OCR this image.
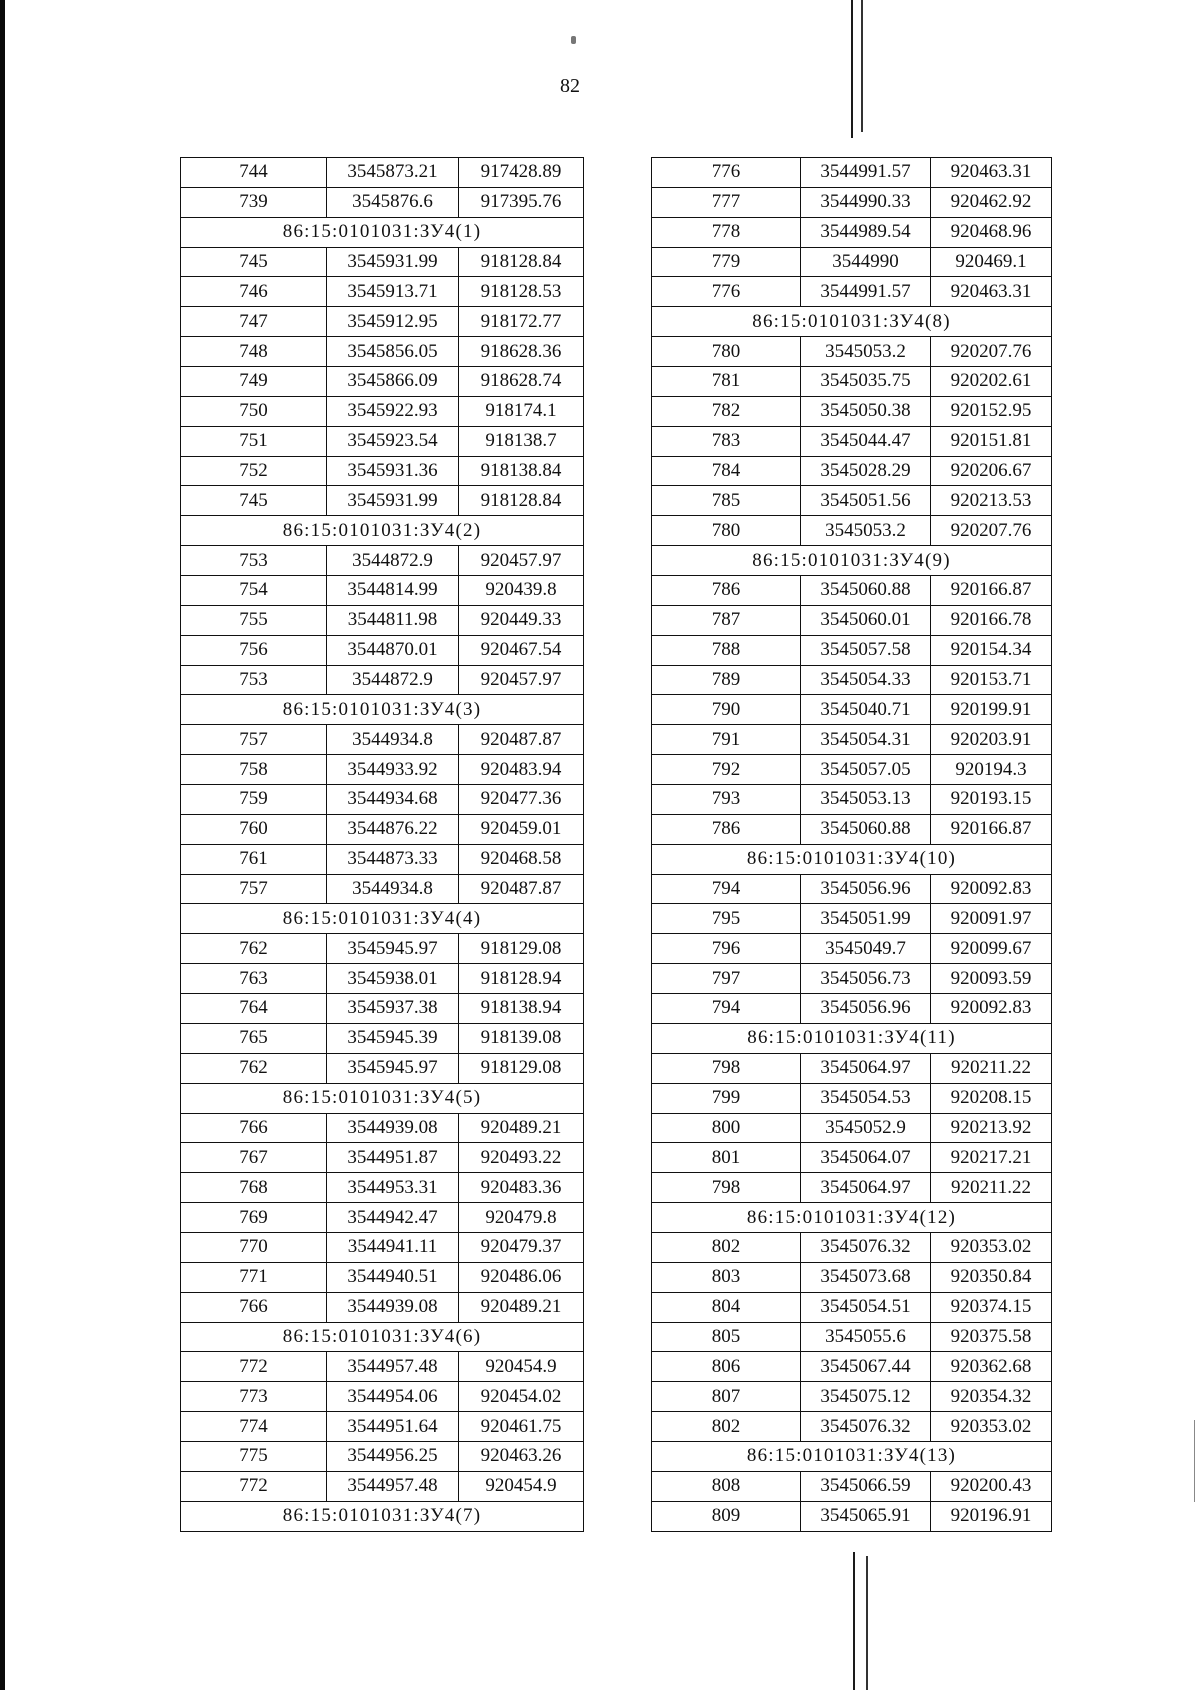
82
744	3545873.21	917428.89
739	3545876.6	917395.76
86:15:0101031:ЗУ4(1)		
745	3545931.99	918128.84
746	3545913.71	918128.53
747	3545912.95	918172.77
748	3545856.05	918628.36
749	3545866.09	918628.74
750	3545922.93	918174.1
751	3545923.54	918138.7
752	3545931.36	918138.84
745	3545931.99	918128.84
86:15:0101031:ЗУ4(2)		
753	3544872.9	920457.97
754	3544814.99	920439.8
755	3544811.98	920449.33
756	3544870.01	920467.54
753	3544872.9	920457.97
86:15:0101031:ЗУ4(3)		
757	3544934.8	920487.87
758	3544933.92	920483.94
759	3544934.68	920477.36
760	3544876.22	920459.01
761	3544873.33	920468.58
757	3544934.8	920487.87
86:15:0101031:ЗУ4(4)		
762	3545945.97	918129.08
763	3545938.01	918128.94
764	3545937.38	918138.94
765	3545945.39	918139.08
762	3545945.97	918129.08
86:15:0101031:ЗУ4(5)		
766	3544939.08	920489.21
767	3544951.87	920493.22
768	3544953.31	920483.36
769	3544942.47	920479.8
770	3544941.11	920479.37
771	3544940.51	920486.06
766	3544939.08	920489.21
86:15:0101031:ЗУ4(6)		
772	3544957.48	920454.9
773	3544954.06	920454.02
774	3544951.64	920461.75
775	3544956.25	920463.26
772	3544957.48	920454.9
86:15:0101031:ЗУ4(7)		
776	3544991.57	920463.31
777	3544990.33	920462.92
778	3544989.54	920468.96
779	3544990	920469.1
776	3544991.57	920463.31
86:15:0101031:ЗУ4(8)		
780	3545053.2	920207.76
781	3545035.75	920202.61
782	3545050.38	920152.95
783	3545044.47	920151.81
784	3545028.29	920206.67
785	3545051.56	920213.53
780	3545053.2	920207.76
86:15:0101031:ЗУ4(9)		
786	3545060.88	920166.87
787	3545060.01	920166.78
788	3545057.58	920154.34
789	3545054.33	920153.71
790	3545040.71	920199.91
791	3545054.31	920203.91
792	3545057.05	920194.3
793	3545053.13	920193.15
786	3545060.88	920166.87
86:15:0101031:ЗУ4(10)		
794	3545056.96	920092.83
795	3545051.99	920091.97
796	3545049.7	920099.67
797	3545056.73	920093.59
794	3545056.96	920092.83
86:15:0101031:ЗУ4(11)		
798	3545064.97	920211.22
799	3545054.53	920208.15
800	3545052.9	920213.92
801	3545064.07	920217.21
798	3545064.97	920211.22
86:15:0101031:ЗУ4(12)		
802	3545076.32	920353.02
803	3545073.68	920350.84
804	3545054.51	920374.15
805	3545055.6	920375.58
806	3545067.44	920362.68
807	3545075.12	920354.32
802	3545076.32	920353.02
86:15:0101031:ЗУ4(13)		
808	3545066.59	920200.43
809	3545065.91	920196.91
